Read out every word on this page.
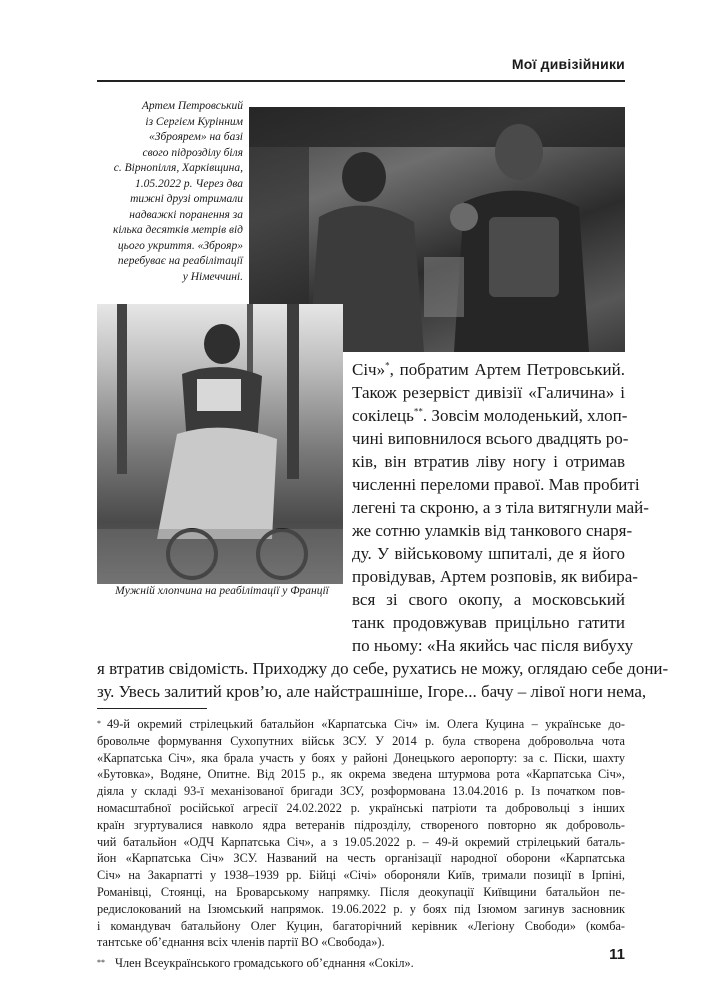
Мої дивізійники
Артем Петровський
із Сергієм Курінним
«Зброярем» на базі
свого підрозділу біля
с. Вірнопілля, Харківщина,
1.05.2022 р. Через два
тижні друзі отримали
надважкі поранення за
кілька десятків метрів від
цього укриття. «Зброяр»
перебуває на реабілітації
у Німеччині.
Мужній хлопчина на реабілітації у Франції
Січ»*, побратим Артем Петровський.
Також резервіст дивізії «Галичина» і
сокілець**. Зовсім молоденький, хлоп-
чині виповнилося всього двадцять ро-
ків, він втратив ліву ногу і отримав
численні переломи правої. Мав пробиті
легені та скроню, а з тіла витягнули май-
же сотню уламків від танкового снаря-
ду. У військовому шпиталі, де я його
провідував, Артем розповів, як вибира-
вся зі свого окопу, а московський
танк продовжував прицільно гатити
по ньому: «На якийсь час після вибуху
я втратив свідомість. Приходжу до себе, рухатись не можу, оглядаю себе дони-
зу. Увесь залитий кров’ю, але найстрашніше, Ігоре... бачу – лівої ноги нема,
* 49-й окремий стрілецький батальйон «Карпатська Січ» ім. Олега Куцина – українське до-
бровольче формування Сухопутних військ ЗСУ. У 2014 р. була створена добровольча чота
«Карпатська Січ», яка брала участь у боях у районі Донецького аеропорту: за с. Піски, шахту
«Бутовка», Водяне, Опитне. Від 2015 р., як окрема зведена штурмова рота «Карпатська Січ»,
діяла у складі 93-ї механізованої бригади ЗСУ, розформована 13.04.2016 р. Із початком пов-
номасштабної російської агресії 24.02.2022 р. українські патріоти та добровольці з інших
країн згуртувалися навколо ядра ветеранів підрозділу, створеного повторно як доброволь-
чий батальйон «ОДЧ Карпатська Січ», а з 19.05.2022 р. – 49-й окремий стрілецький баталь-
йон «Карпатська Січ» ЗСУ. Названий на честь організації народної оборони «Карпатська
Січ» на Закарпатті у 1938–1939 рр. Бійці «Січі» обороняли Київ, тримали позиції в Ірпіні,
Романівці, Стоянці, на Броварському напрямку. Після деокупації Київщини батальйон пе-
редислокований на Ізюмський напрямок. 19.06.2022 р. у боях під Ізюмом загинув засновник
і командувач батальйону Олег Куцин, багаторічний керівник «Легіону Свободи» (комба-
тантське об’єднання всіх членів партії ВО «Свобода»).
** Член Всеукраїнського громадського об’єднання «Сокіл».
11
